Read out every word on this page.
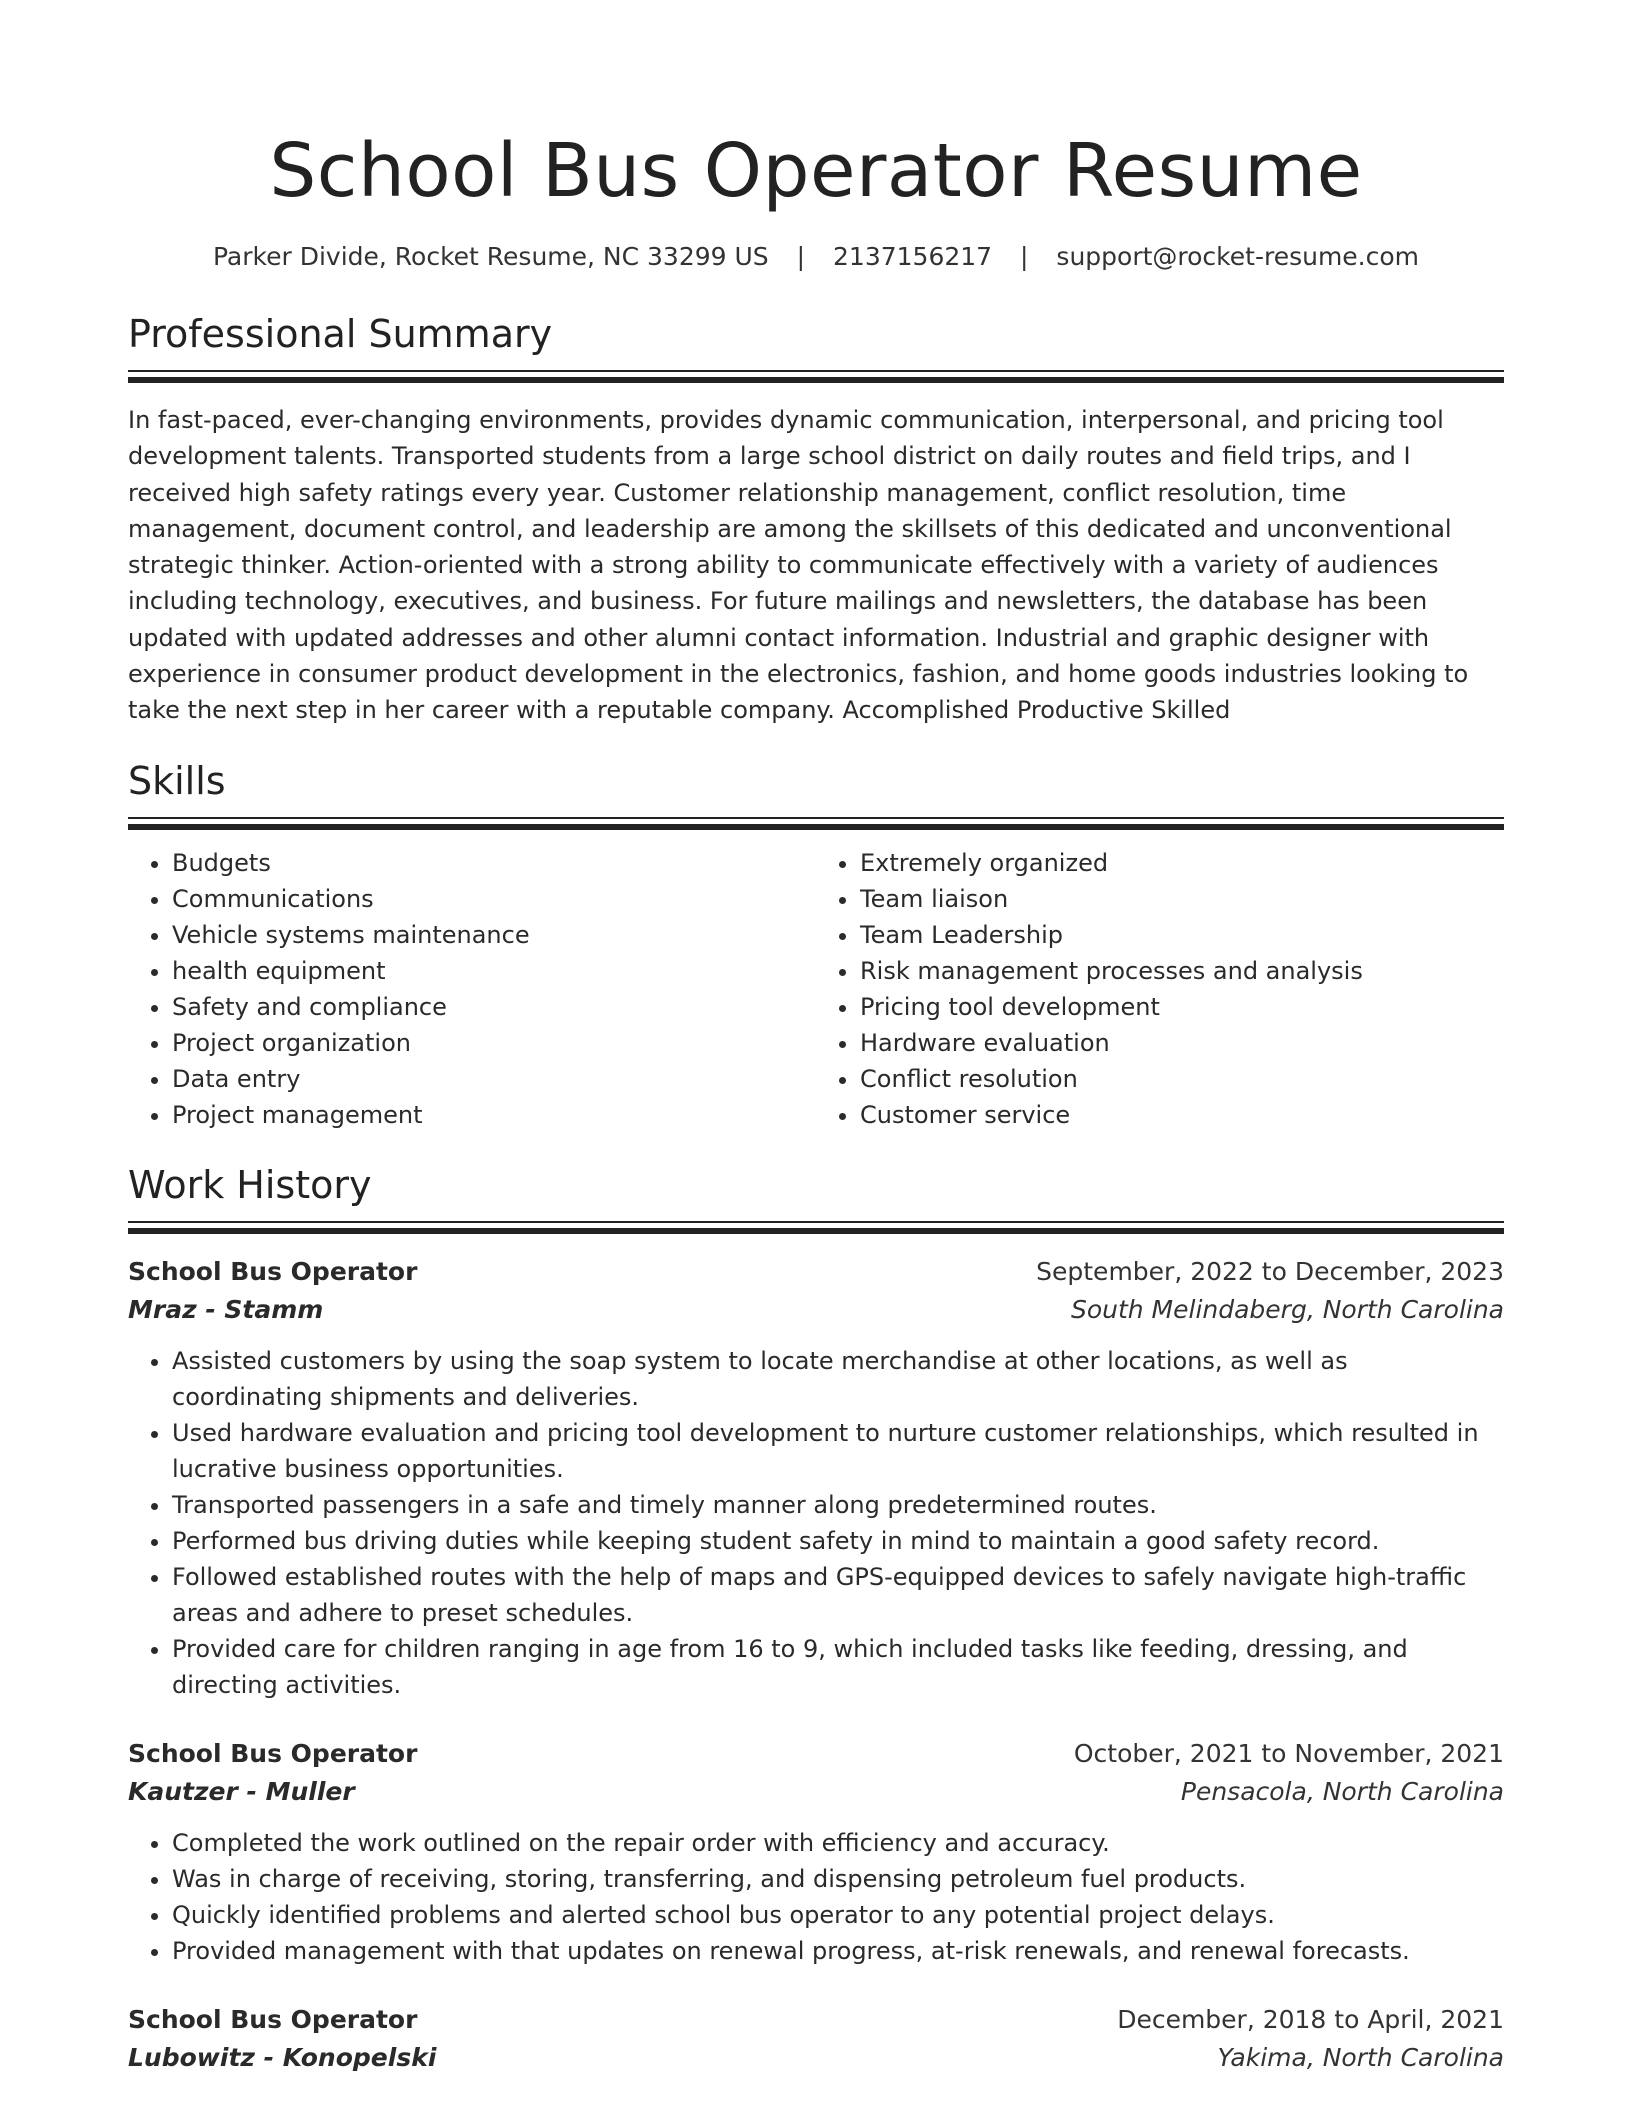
School Bus Operator Resume
Parker Divide, Rocket Resume, NC 33299 US | 2137156217 | support@rocket-resume.com
Professional Summary

In fast-paced, ever-changing environments, provides dynamic communication, interpersonal, and pricing tool development talents. Transported students from a large school district on daily routes and field trips, and I received high safety ratings every year. Customer relationship management, conflict resolution, time management, document control, and leadership are among the skillsets of this dedicated and unconventional strategic thinker. Action-oriented with a strong ability to communicate effectively with a variety of audiences including technology, executives, and business. For future mailings and newsletters, the database has been updated with updated addresses and other alumni contact information. Industrial and graphic designer with experience in consumer product development in the electronics, fashion, and home goods industries looking to take the next step in her career with a reputable company. Accomplished Productive Skilled

Skills
• Budgets
• Communications
• Vehicle systems maintenance
• health equipment
• Safety and compliance
• Project organization
• Data entry
• Project management
• Extremely organized
• Team liaison
• Team Leadership
• Risk management processes and analysis
• Pricing tool development
• Hardware evaluation
• Conflict resolution
• Customer service
Work History
School Bus Operator	September, 2022 to December, 2023
Mraz - Stamm	South Melindaberg, North Carolina
• Assisted customers by using the soap system to locate merchandise at other locations, as well as coordinating shipments and deliveries.
• Used hardware evaluation and pricing tool development to nurture customer relationships, which resulted in lucrative business opportunities.
• Transported passengers in a safe and timely manner along predetermined routes.
• Performed bus driving duties while keeping student safety in mind to maintain a good safety record.
• Followed established routes with the help of maps and GPS-equipped devices to safely navigate high-traffic areas and adhere to preset schedules.
• Provided care for children ranging in age from 16 to 9, which included tasks like feeding, dressing, and directing activities.
School Bus Operator	October, 2021 to November, 2021
Kautzer - Muller	Pensacola, North Carolina
• Completed the work outlined on the repair order with efficiency and accuracy.
• Was in charge of receiving, storing, transferring, and dispensing petroleum fuel products.
• Quickly identified problems and alerted school bus operator to any potential project delays.
• Provided management with that updates on renewal progress, at-risk renewals, and renewal forecasts.
School Bus Operator	December, 2018 to April, 2021
Lubowitz - Konopelski	Yakima, North Carolina
